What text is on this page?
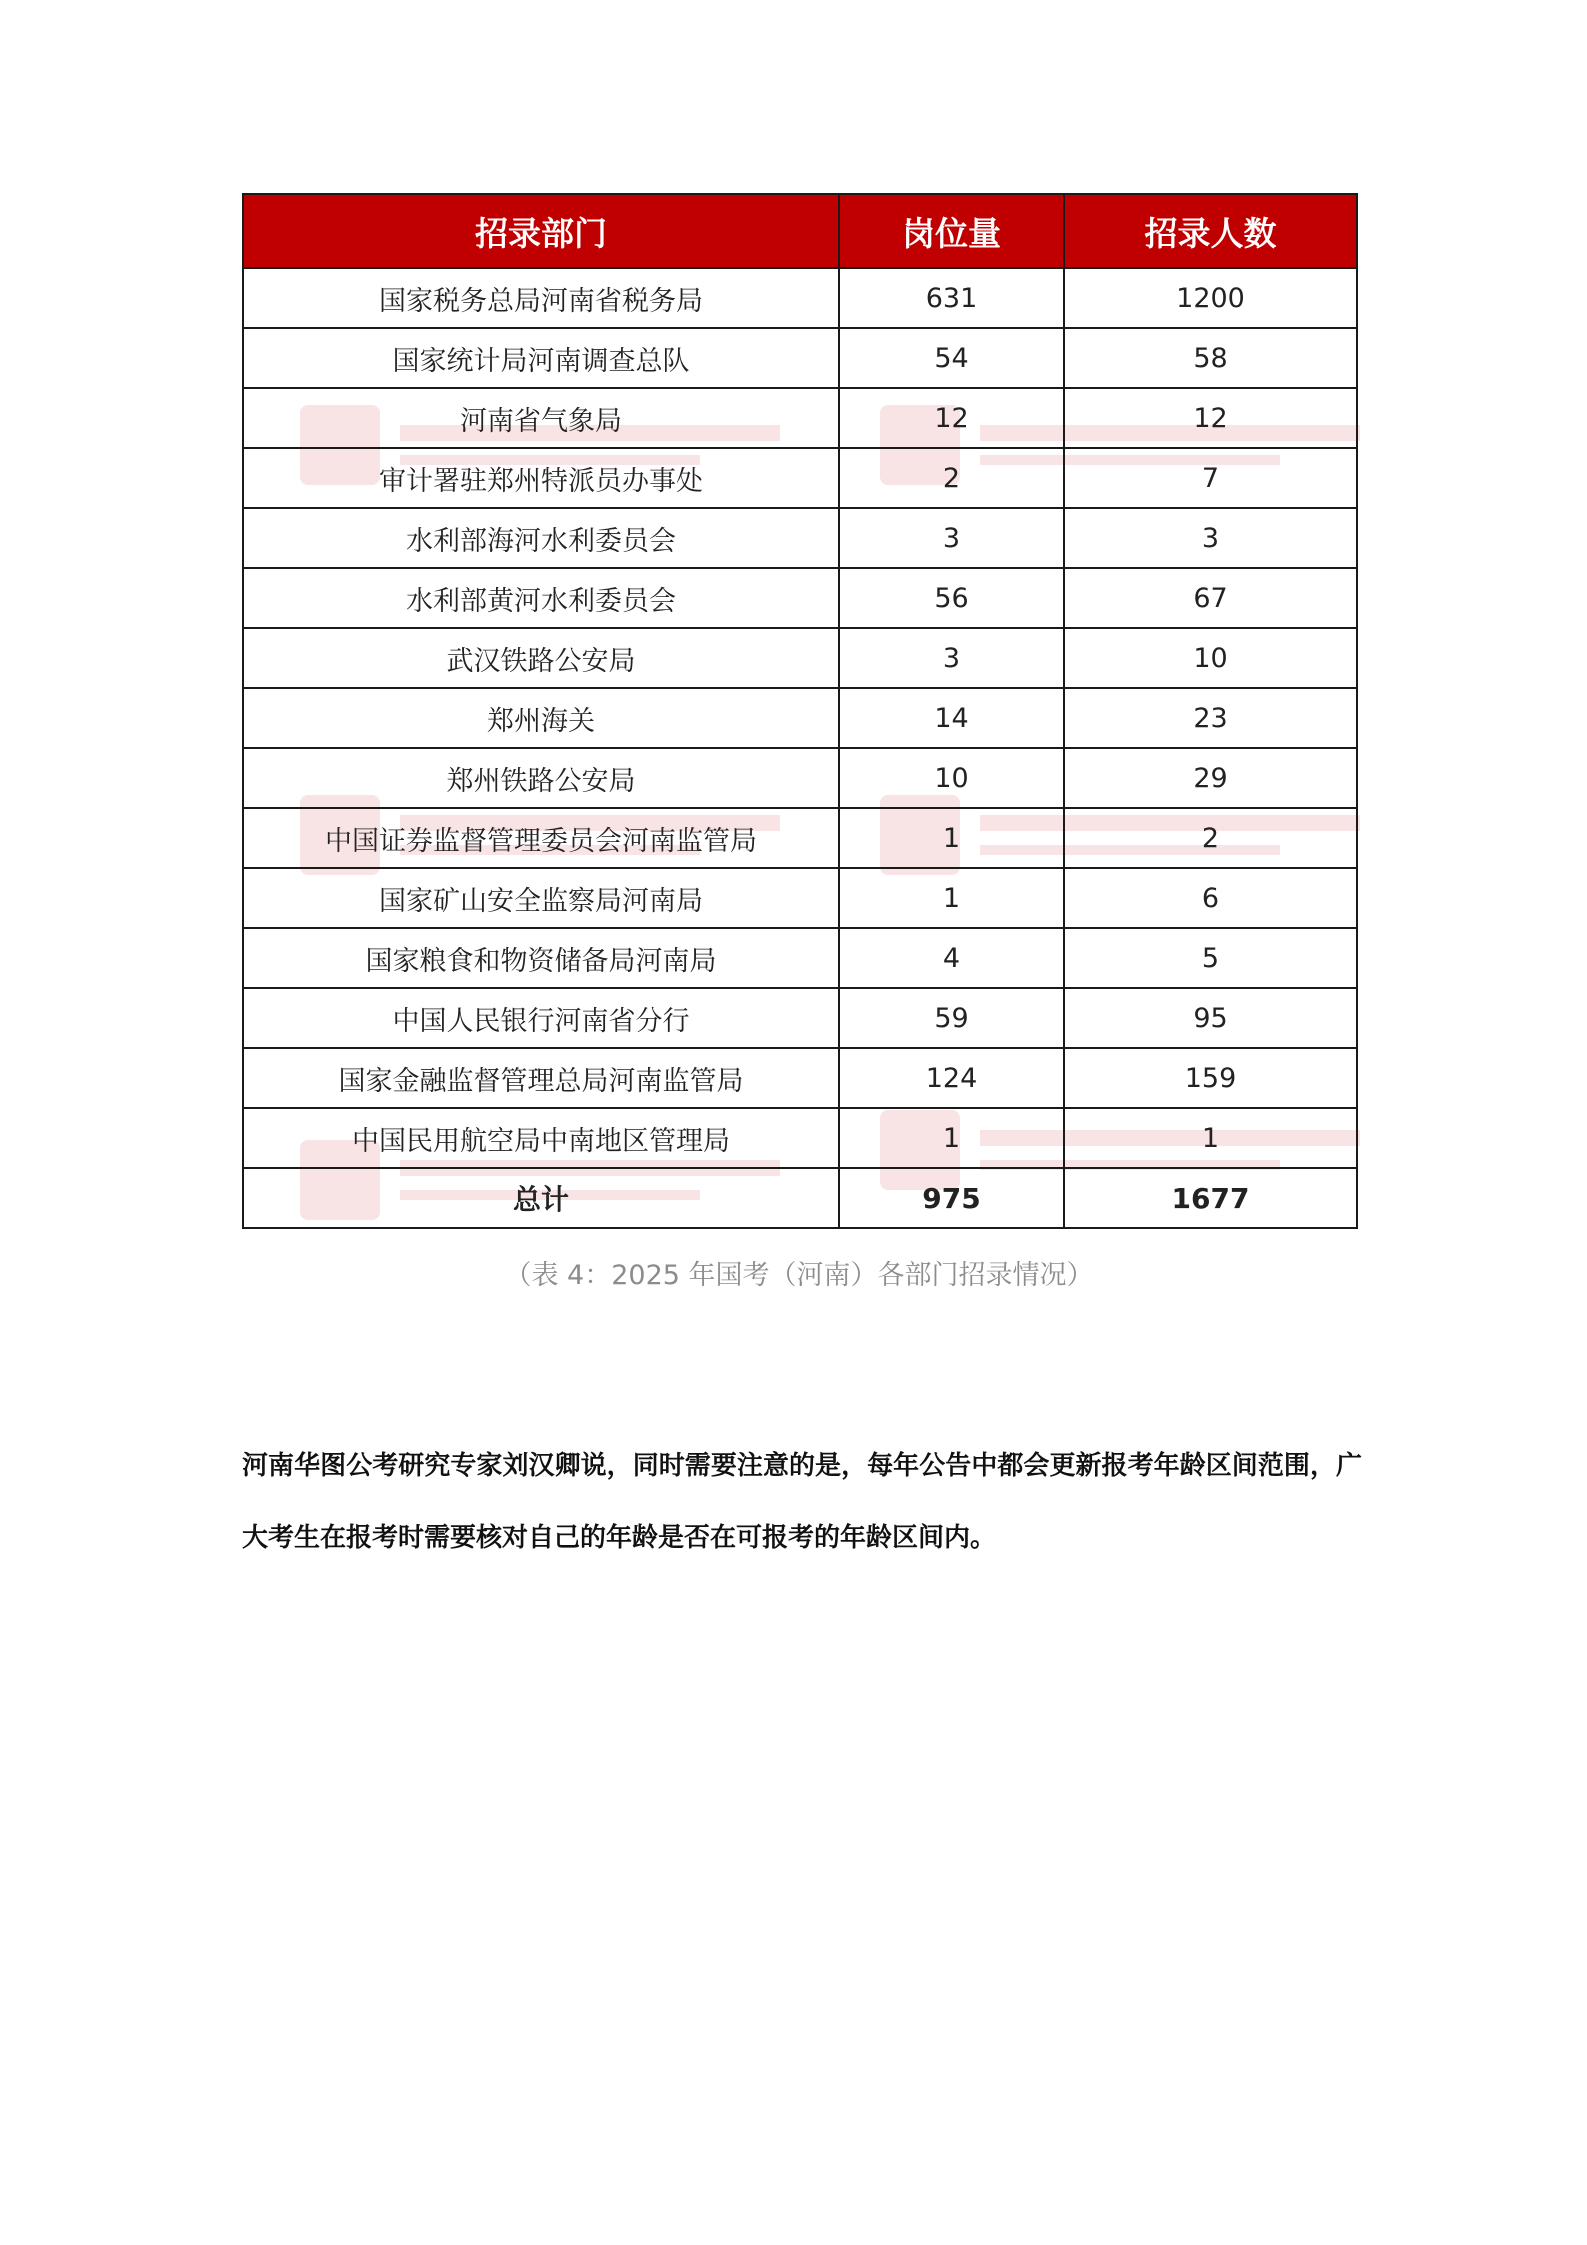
招录部门	岗位量	招录人数
国家税务总局河南省税务局	631	1200
国家统计局河南调查总队	54	58
河南省气象局	12	12
审计署驻郑州特派员办事处	2	7
水利部海河水利委员会	3	3
水利部黄河水利委员会	56	67
武汉铁路公安局	3	10
郑州海关	14	23
郑州铁路公安局	10	29
中国证券监督管理委员会河南监管局	1	2
国家矿山安全监察局河南局	1	6
国家粮食和物资储备局河南局	4	5
中国人民银行河南省分行	59	95
国家金融监督管理总局河南监管局	124	159
中国民用航空局中南地区管理局	1	1
总计	975	1677
（表 4：2025 年国考（河南）各部门招录情况）

河南华图公考研究专家刘汉卿说，同时需要注意的是，每年公告中都会更新报考年龄区间范围，广大考生在报考时需要核对自己的年龄是否在可报考的年龄区间内。
